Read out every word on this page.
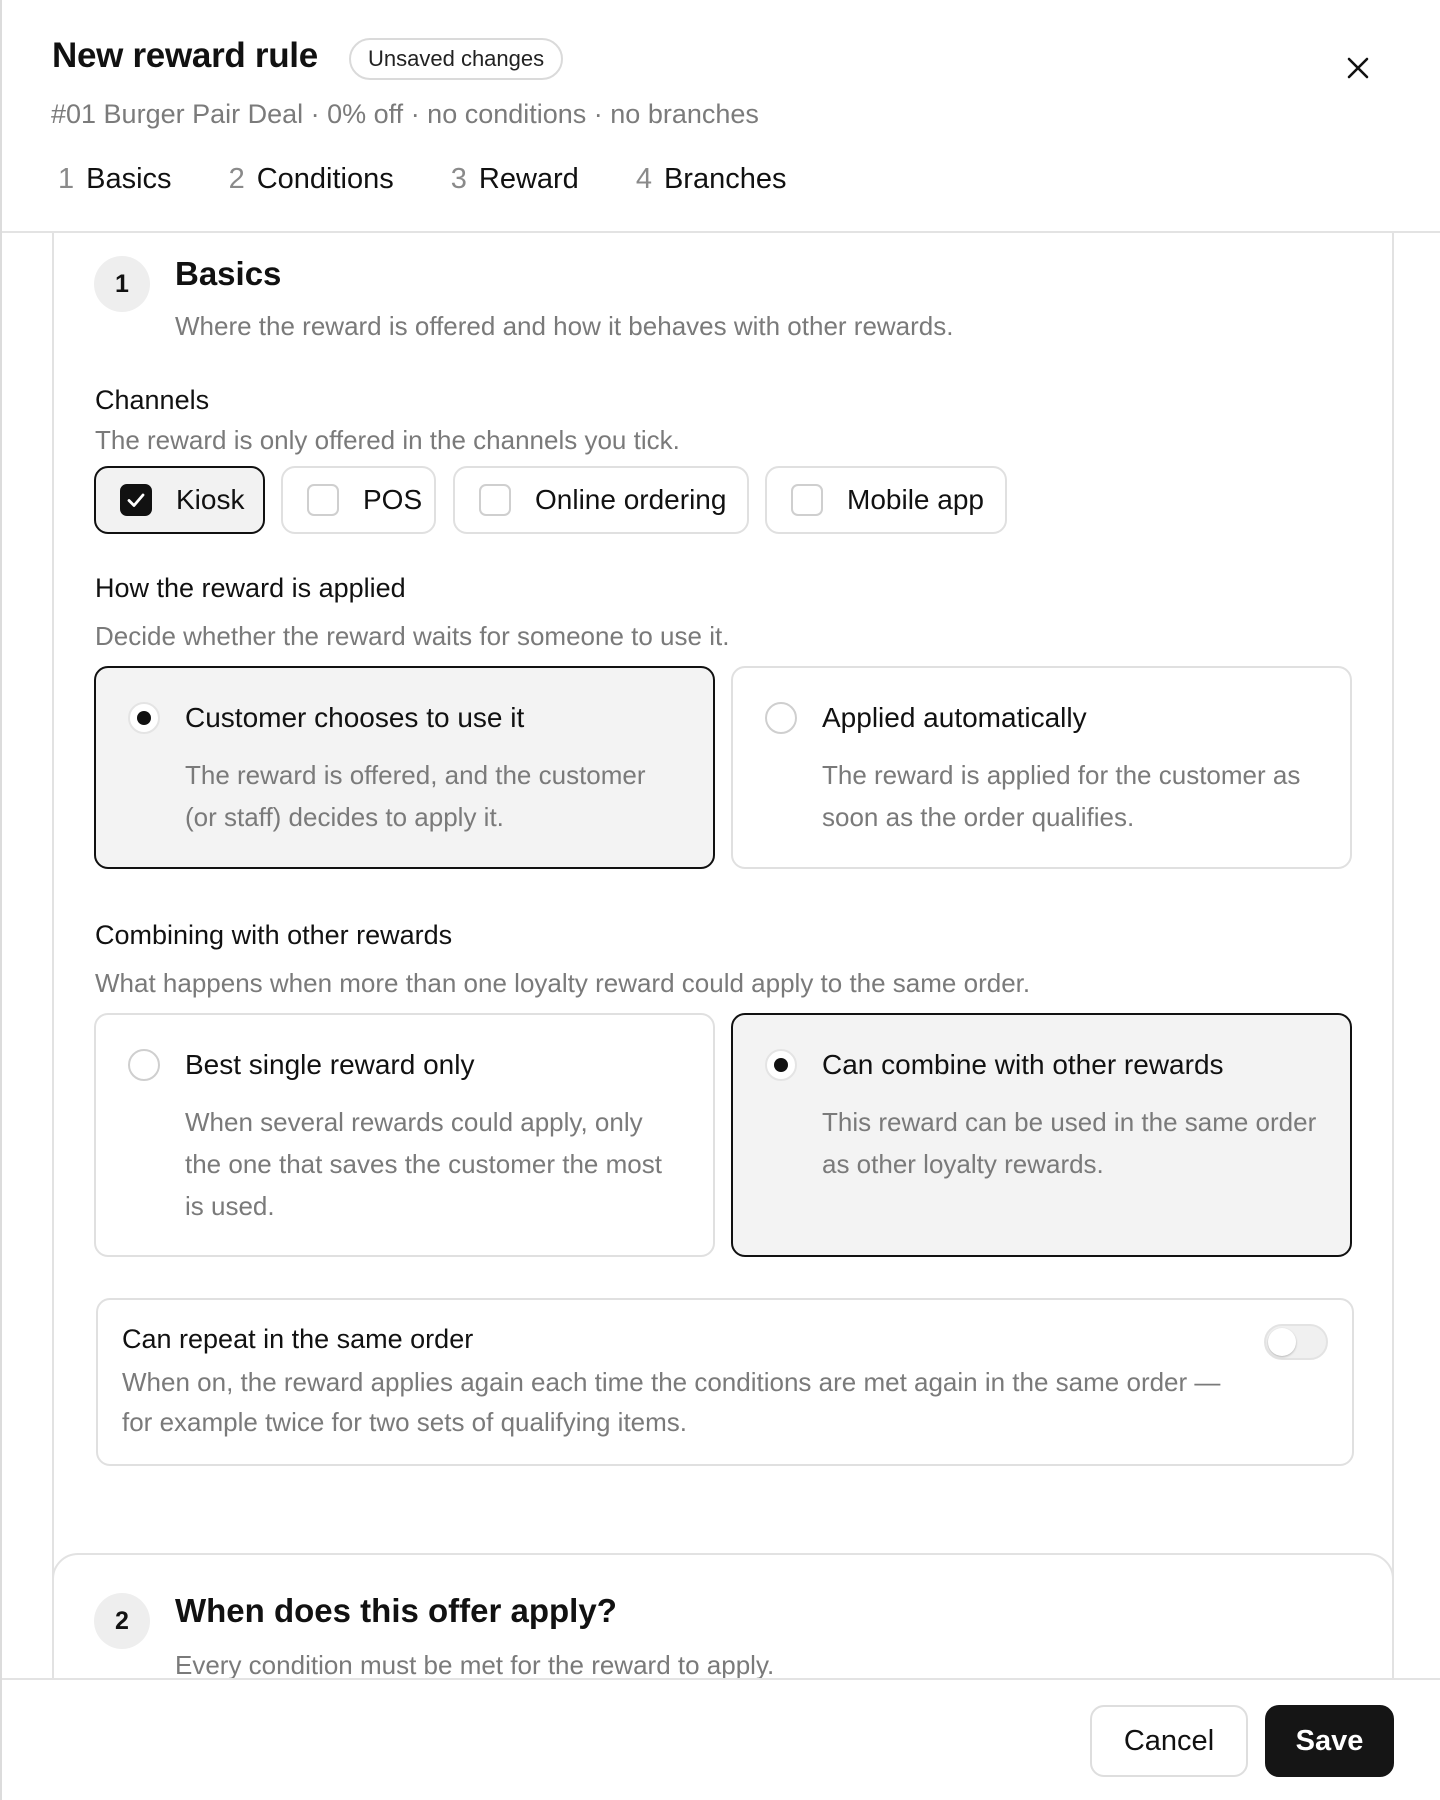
New reward rule	Unsaved changes
#01 Burger Pair Deal · 0% off · no conditions · no branches
1 Basics 2 Conditions 3 Reward 4 Branches
1	Basics
Where the reward is offered and how it behaves with other rewards.
Channels
The reward is only offered in the channels you tick.
Kiosk	POS	Online ordering	Mobile app
How the reward is applied
Decide whether the reward waits for someone to use it.
Customer chooses to use it
The reward is offered, and the customer (or staff) decides to apply it.
Applied automatically
The reward is applied for the customer as soon as the order qualifies.
Combining with other rewards
What happens when more than one loyalty reward could apply to the same order.
Best single reward only
When several rewards could apply, only the one that saves the customer the most is used.
Can combine with other rewards
This reward can be used in the same order as other loyalty rewards.
Can repeat in the same order
When on, the reward applies again each time the conditions are met again in the same order — for example twice for two sets of qualifying items.
2	When does this offer apply?
Every condition must be met for the reward to apply.
Cancel	Save
